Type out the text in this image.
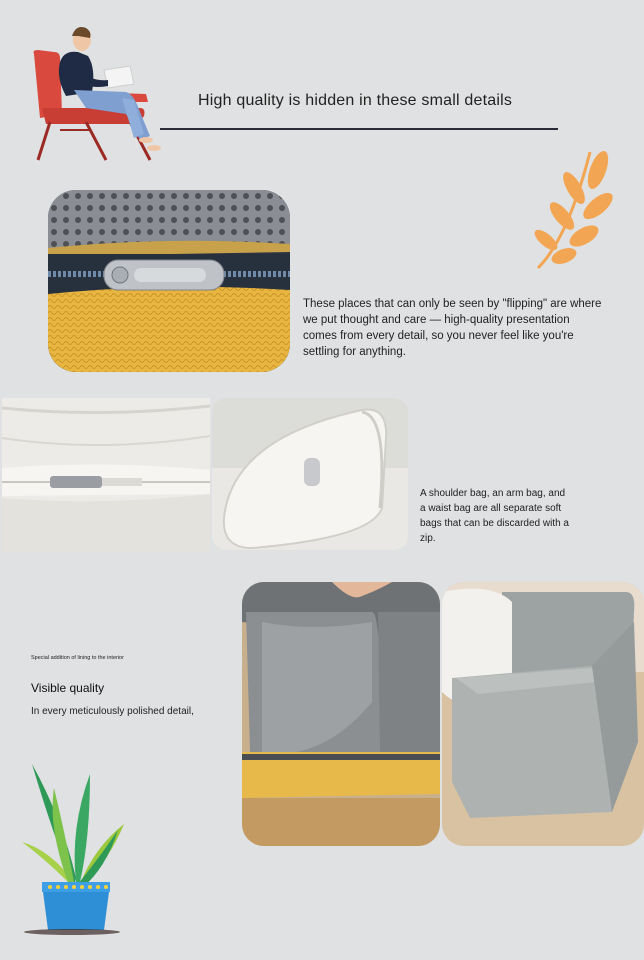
High quality is hidden in these small details
These places that can only be seen by "flipping" are where we put thought and care — high-quality presentation comes from every detail, so you never feel like you're settling for anything.
A shoulder bag, an arm bag, and a waist bag are all separate soft bags that can be discarded with a zip.
Special addition of lining to the interior
Visible quality
In every meticulously polished detail,
